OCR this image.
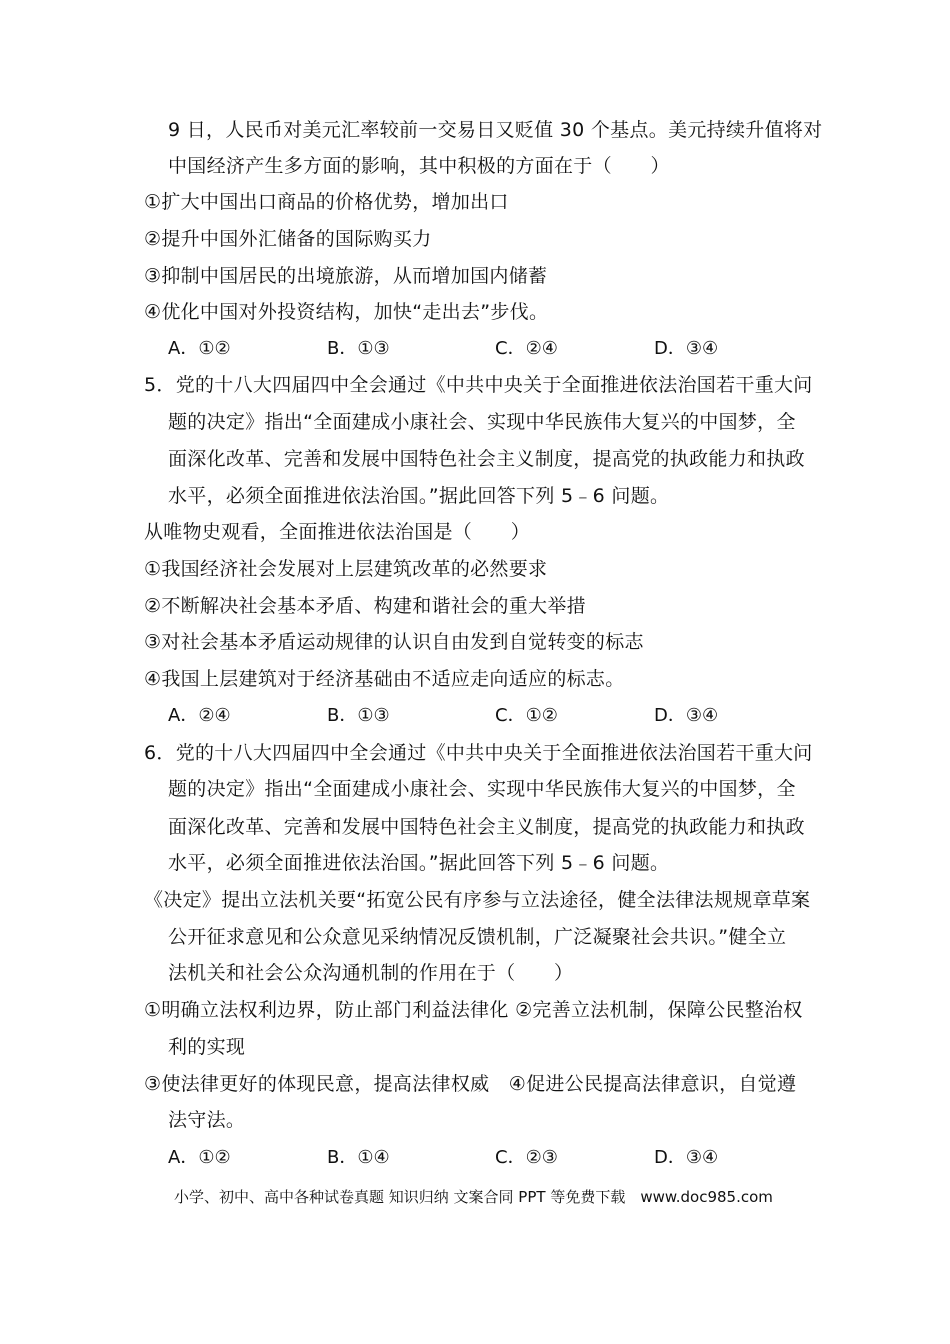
9 日，人民币对美元汇率较前一交易日又贬值 30 个基点。美元持续升值将对
中国经济产生多方面的影响，其中积极的方面在于（　　）
①扩大中国出口商品的价格优势，增加出口
②提升中国外汇储备的国际购买力
③抑制中国居民的出境旅游，从而增加国内储蓄
④优化中国对外投资结构，加快“走出去”步伐。
A．①②	B．①③	C．②④	D．③④
5．党的十八大四届四中全会通过《中共中央关于全面推进依法治国若干重大问
题的决定》指出“全面建成小康社会、实现中华民族伟大复兴的中国梦，全
面深化改革、完善和发展中国特色社会主义制度，提高党的执政能力和执政
水平，必须全面推进依法治国。”据此回答下列 5﹣6 问题。
从唯物史观看，全面推进依法治国是（　　）
①我国经济社会发展对上层建筑改革的必然要求
②不断解决社会基本矛盾、构建和谐社会的重大举措
③对社会基本矛盾运动规律的认识自由发到自觉转变的标志
④我国上层建筑对于经济基础由不适应走向适应的标志。
A．②④	B．①③	C．①②	D．③④
6．党的十八大四届四中全会通过《中共中央关于全面推进依法治国若干重大问
题的决定》指出“全面建成小康社会、实现中华民族伟大复兴的中国梦，全
面深化改革、完善和发展中国特色社会主义制度，提高党的执政能力和执政
水平，必须全面推进依法治国。”据此回答下列 5﹣6 问题。
《决定》提出立法机关要“拓宽公民有序参与立法途径，健全法律法规规章草案
公开征求意见和公众意见采纳情况反馈机制，广泛凝聚社会共识。”健全立
法机关和社会公众沟通机制的作用在于（　　）
①明确立法权利边界，防止部门利益法律化 ②完善立法机制，保障公民整治权
利的实现
③使法律更好的体现民意，提高法律权威　④促进公民提高法律意识，自觉遵
法守法。
A．①②	B．①④	C．②③	D．③④
小学、初中、高中各种试卷真题 知识归纳 文案合同 PPT 等免费下载　www.doc985.com
